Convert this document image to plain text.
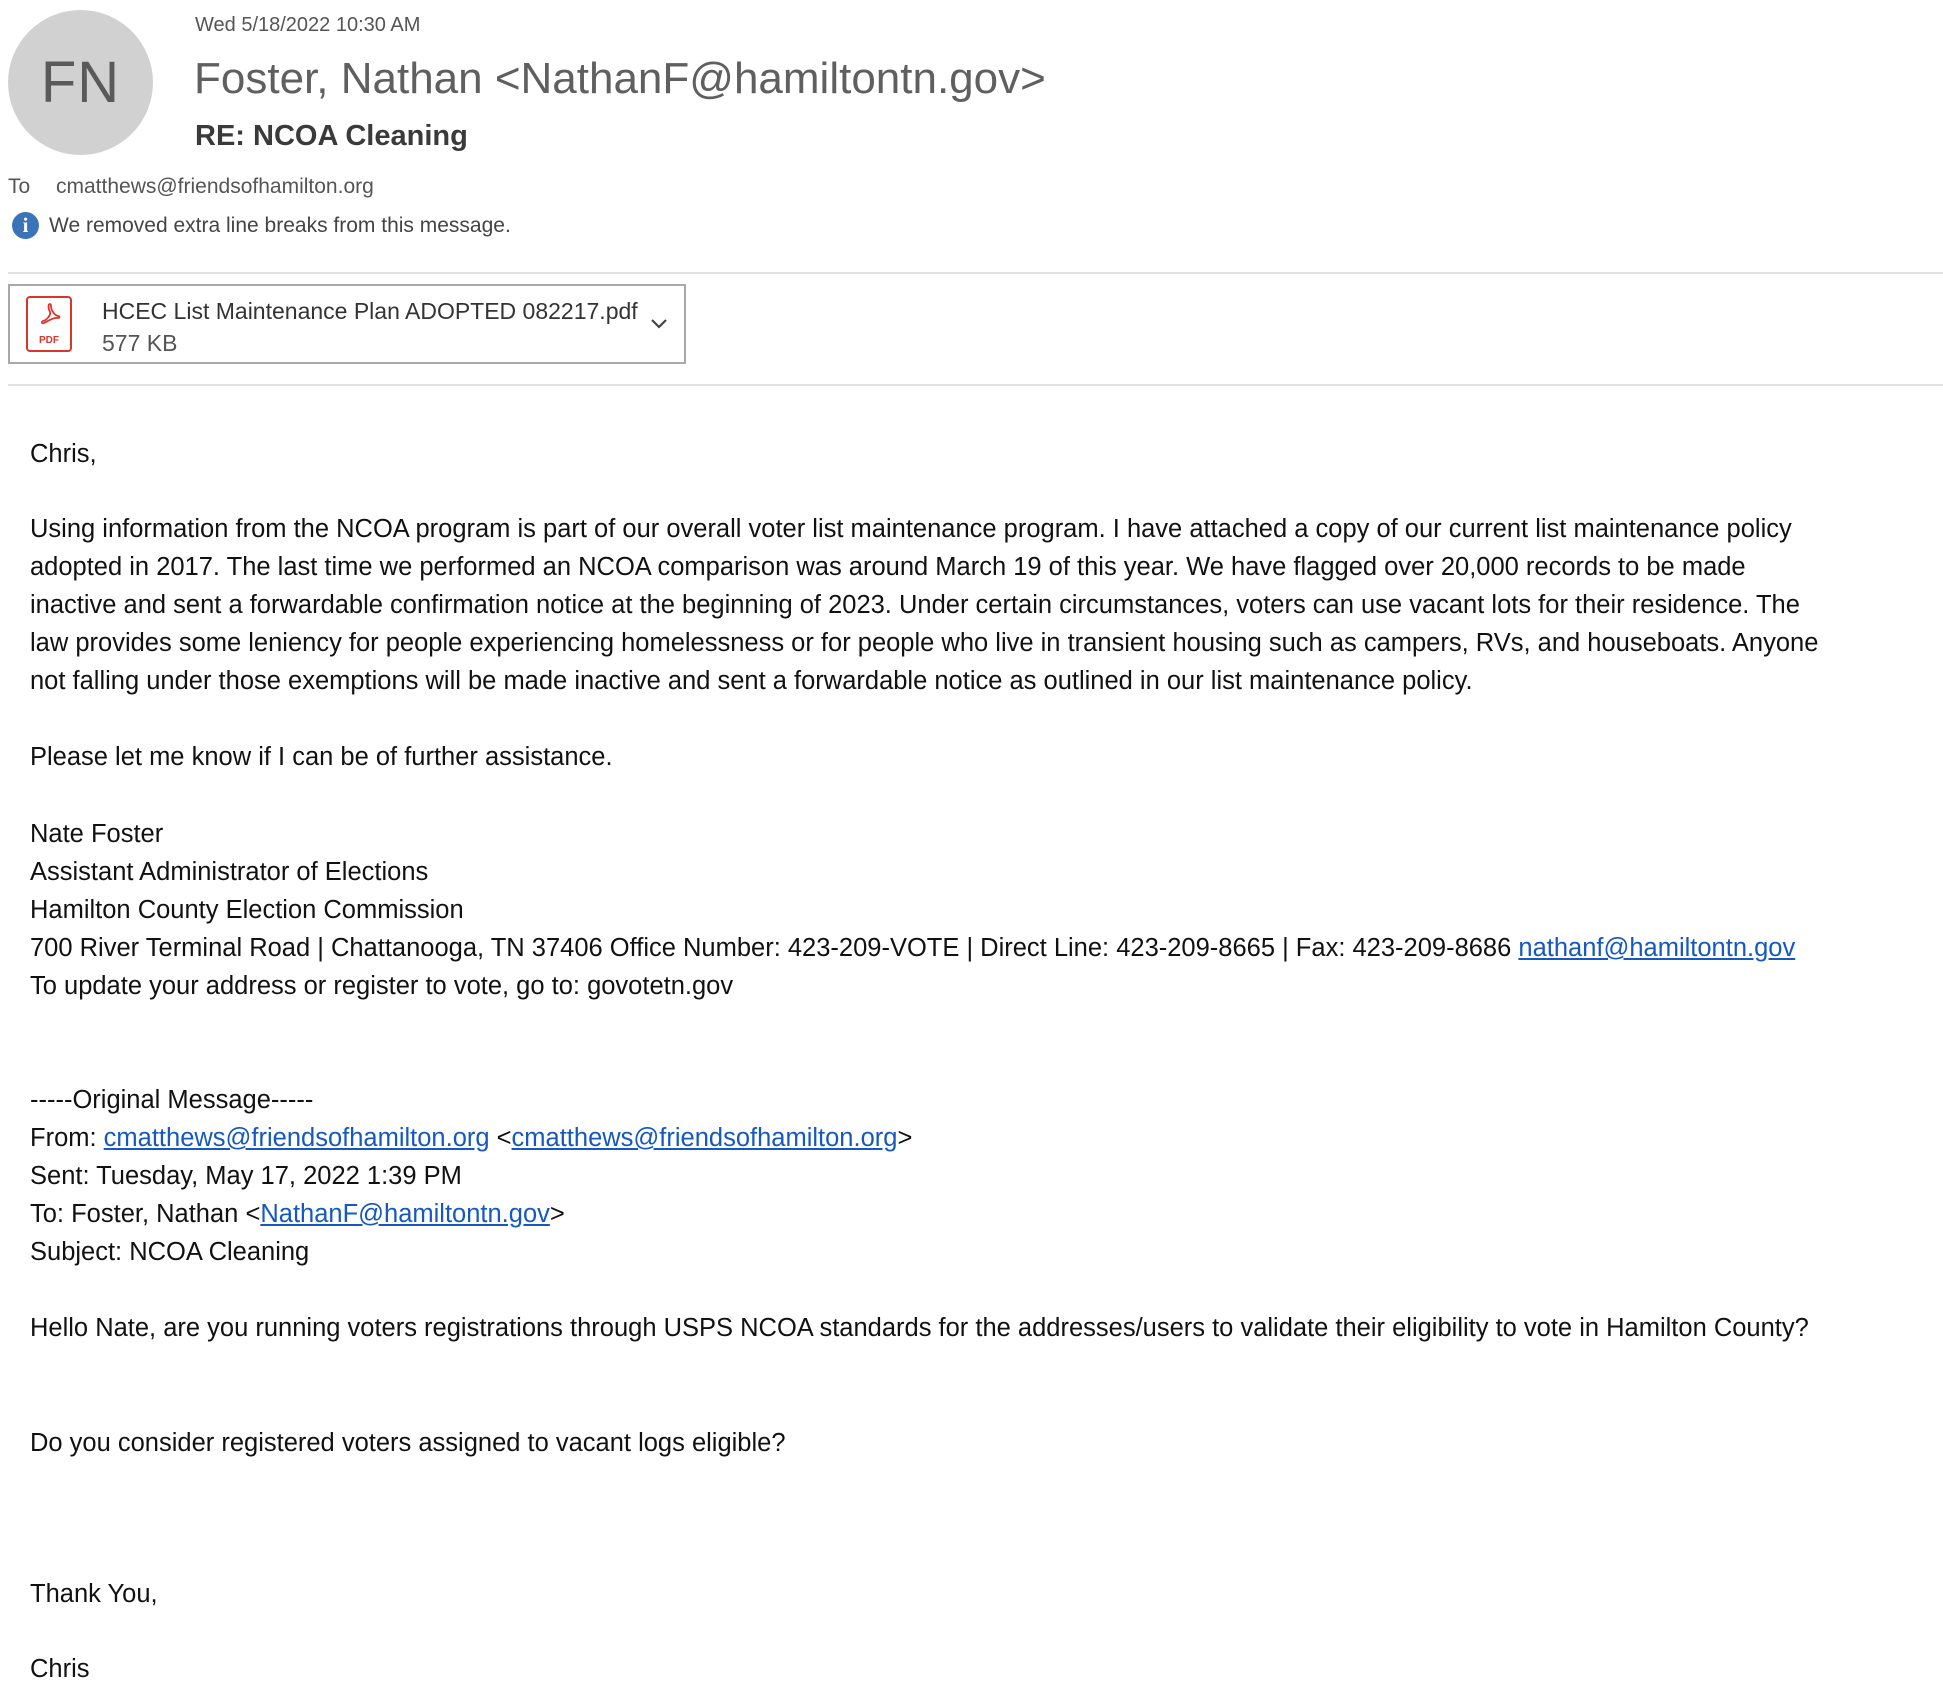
FN
Wed 5/18/2022 10:30 AM
Foster, Nathan <NathanF@hamiltontn.gov>
RE: NCOA Cleaning
To cmatthews@friendsofhamilton.org
i We removed extra line breaks from this message.
PDF
HCEC List Maintenance Plan ADOPTED 082217.pdf
577 KB
Chris,
Using information from the NCOA program is part of our overall voter list maintenance program. I have attached a copy of our current list maintenance policy
adopted in 2017. The last time we performed an NCOA comparison was around March 19 of this year. We have flagged over 20,000 records to be made
inactive and sent a forwardable confirmation notice at the beginning of 2023. Under certain circumstances, voters can use vacant lots for their residence. The
law provides some leniency for people experiencing homelessness or for people who live in transient housing such as campers, RVs, and houseboats. Anyone
not falling under those exemptions will be made inactive and sent a forwardable notice as outlined in our list maintenance policy.
Please let me know if I can be of further assistance.
Nate Foster
Assistant Administrator of Elections
Hamilton County Election Commission
700 River Terminal Road | Chattanooga, TN 37406 Office Number: 423-209-VOTE | Direct Line: 423-209-8665 | Fax: 423-209-8686 nathanf@hamiltontn.gov
To update your address or register to vote, go to: govotetn.gov
-----Original Message-----
From: cmatthews@friendsofhamilton.org <cmatthews@friendsofhamilton.org>
Sent: Tuesday, May 17, 2022 1:39 PM
To: Foster, Nathan <NathanF@hamiltontn.gov>
Subject: NCOA Cleaning
Hello Nate, are you running voters registrations through USPS NCOA standards for the addresses/users to validate their eligibility to vote in Hamilton County?
Do you consider registered voters assigned to vacant logs eligible?
Thank You,
Chris
